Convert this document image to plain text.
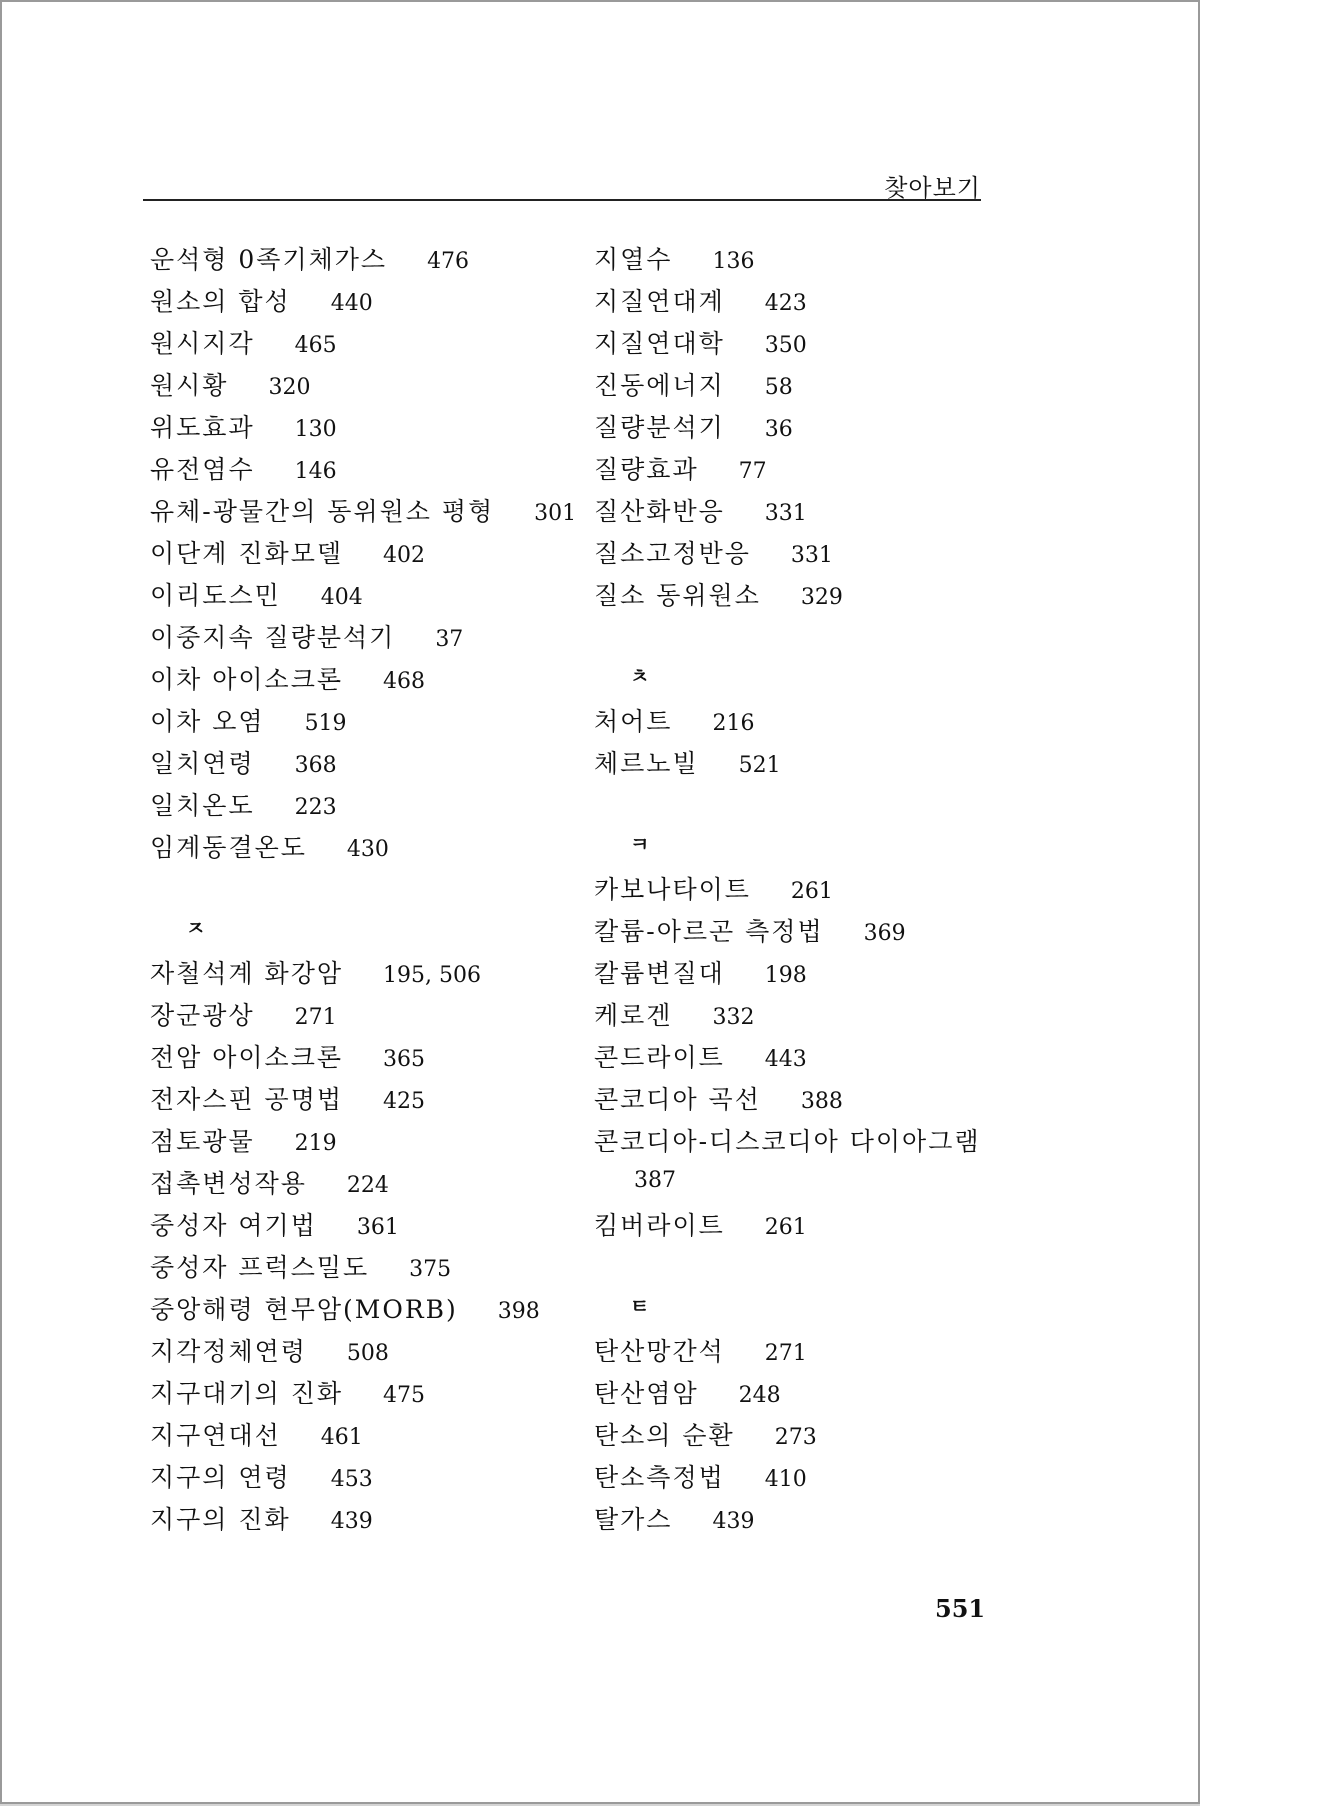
찾아보기
운석형 0족기체가스 476
원소의 합성 440
원시지각 465
원시황 320
위도효과 130
유전염수 146
유체-광물간의 동위원소 평형 301
이단계 진화모델 402
이리도스민 404
이중지속 질량분석기 37
이차 아이소크론 468
이차 오염 519
일치연령 368
일치온도 223
임계동결온도 430
ㅈ
자철석계 화강암 195, 506
장군광상 271
전암 아이소크론 365
전자스핀 공명법 425
점토광물 219
접촉변성작용 224
중성자 여기법 361
중성자 프럭스밀도 375
중앙해령 현무암(MORB) 398
지각정체연령 508
지구대기의 진화 475
지구연대선 461
지구의 연령 453
지구의 진화 439
지열수 136
지질연대계 423
지질연대학 350
진동에너지 58
질량분석기 36
질량효과 77
질산화반응 331
질소고정반응 331
질소 동위원소 329
ㅊ
처어트 216
체르노빌 521
ㅋ
카보나타이트 261
칼륨-아르곤 측정법 369
칼륨변질대 198
케로겐 332
콘드라이트 443
콘코디아 곡선 388
콘코디아-디스코디아 다이아그램
387
킴버라이트 261
ㅌ
탄산망간석 271
탄산염암 248
탄소의 순환 273
탄소측정법 410
탈가스 439
551
